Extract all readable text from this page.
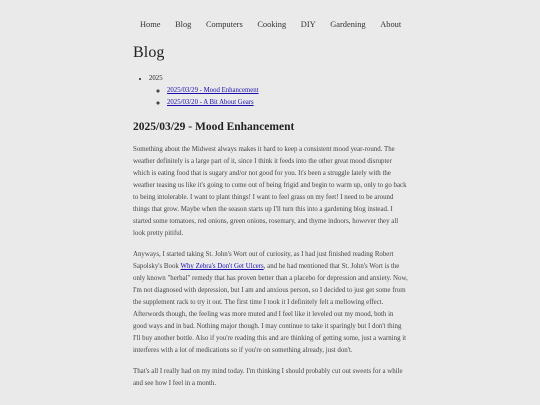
Home Blog Computers Cooking DIY Gardening About
Blog
• 2025
◦ 2025/03/29 - Mood Enhancement
◦ 2025/03/20 - A Bit About Gears
2025/03/29 - Mood Enhancement

Something about the Midwest always makes it hard to keep a consistent mood year-round. The weather definitely is a large part of it, since I think it feeds into the other great mood disrupter which is eating food that is sugary and/or not good for you. It's been a struggle lately with the weather teasing us like it's going to come out of being frigid and begin to warm up, only to go back to being intolerable. I want to plant things! I want to feel grass on my feet! I need to be around things that grow. Maybe when the season starts up I'll turn this into a gardening blog instead. I started some tomatoes, red onions, green onions, rosemary, and thyme indoors, however they all look pretty pitiful.

Anyways, I started taking St. John's Wort out of curiosity, as I had just finished reading Robert Sapolsky's Book Why Zebra's Don't Get Ulcers, and he had mentioned that St. John's Wort is the only known "herbal" remedy that has proven better than a placebo for depression and anxiety. Now, I'm not diagnosed with depression, but I am and anxious person, so I decided to just get some from the supplement rack to try it out. The first time I took it I definitely felt a mellowing effect. Afterwords though, the feeling was more muted and I feel like it leveled out my mood, both in good ways and in bad. Nothing major though. I may continue to take it sparingly but I don't thing I'll buy another bottle. Also if you're reading this and are thinking of getting some, just a warning it interferes with a lot of medications so if you're on something already, just don't.

That's all I really had on my mind today. I'm thinking I should probably cut out sweets for a while and see how I feel in a month.
